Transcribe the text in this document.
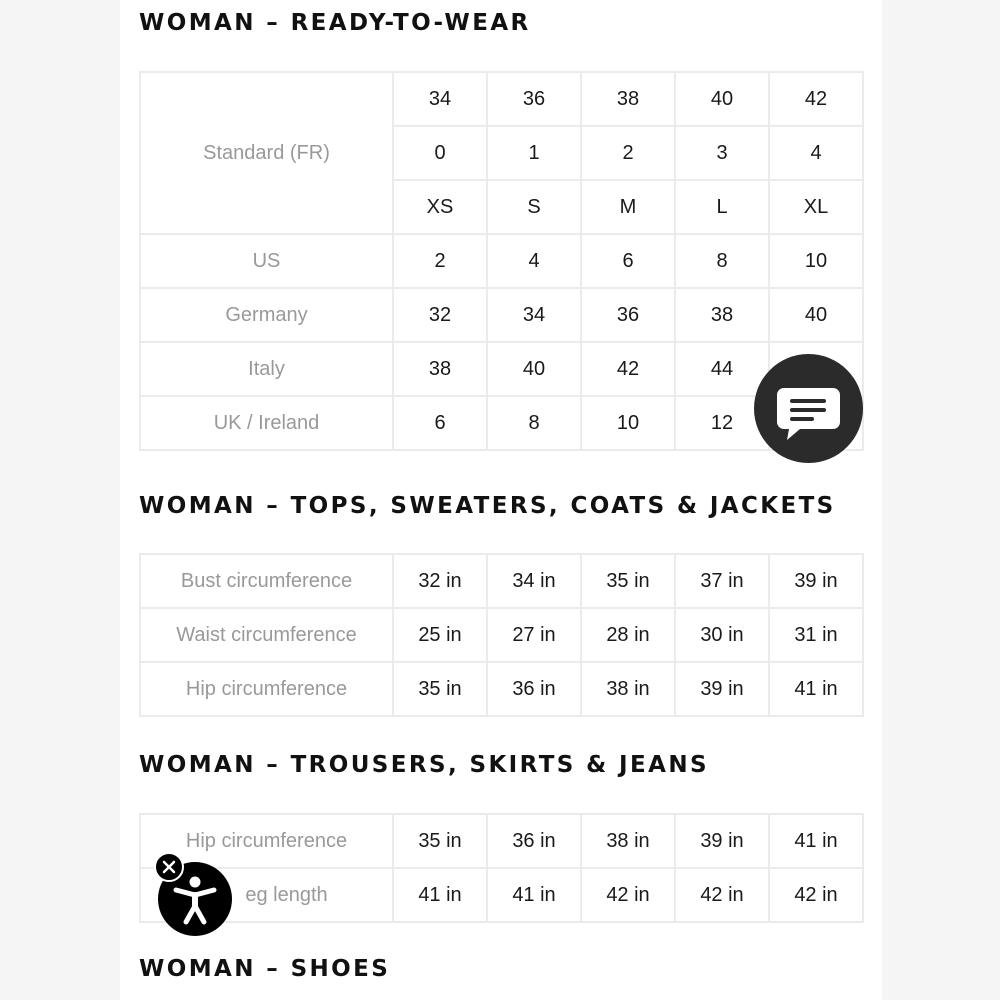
WOMAN – READY-TO-WEAR
Standard (FR)	34	36	38	40	42
	0	1	2	3	4
	XS	S	M	L	XL
US	2	4	6	8	10
Germany	32	34	36	38	40
Italy	38	40	42	44	
UK / Ireland	6	8	10	12	
WOMAN – TOPS, SWEATERS, COATS & JACKETS
Bust circumference	32 in	34 in	35 in	37 in	39 in
Waist circumference	25 in	27 in	28 in	30 in	31 in
Hip circumference	35 in	36 in	38 in	39 in	41 in
WOMAN – TROUSERS, SKIRTS & JEANS
Hip circumference	35 in	36 in	38 in	39 in	41 in
eg length	41 in	41 in	42 in	42 in	42 in
WOMAN – SHOES
